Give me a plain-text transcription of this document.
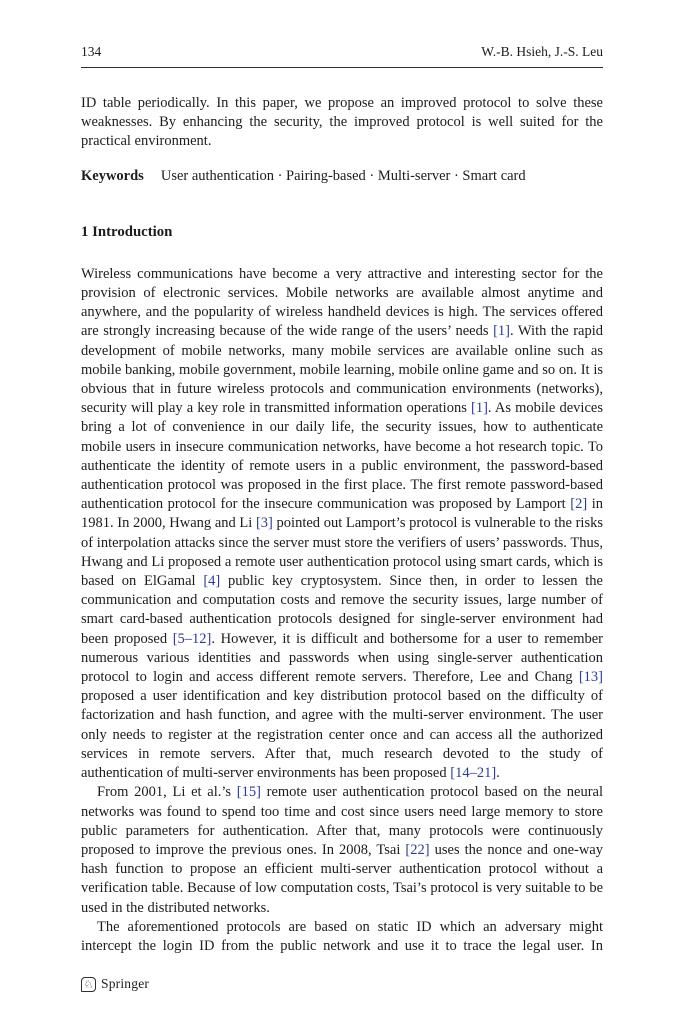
134	W.-B. Hsieh, J.-S. Leu

ID table periodically. In this paper, we propose an improved protocol to solve these weaknesses. By enhancing the security, the improved protocol is well suited for the practical environment.

Keywords User authentication · Pairing-based · Multi-server · Smart card

1 Introduction

Wireless communications have become a very attractive and interesting sector for the provision of electronic services. Mobile networks are available almost anytime and anywhere, and the popularity of wireless handheld devices is high. The services offered are strongly increasing because of the wide range of the users’ needs [1]. With the rapid development of mobile networks, many mobile services are available online such as mobile banking, mobile government, mobile learning, mobile online game and so on. It is obvious that in future wireless protocols and communication environments (networks), security will play a key role in transmitted information operations [1]. As mobile devices bring a lot of convenience in our daily life, the security issues, how to authenticate mobile users in insecure communication networks, have become a hot research topic. To authenticate the identity of remote users in a public environment, the password-based authentication protocol was proposed in the first place. The first remote password-based authentication protocol for the insecure communication was proposed by Lamport [2] in 1981. In 2000, Hwang and Li [3] pointed out Lamport’s protocol is vulnerable to the risks of interpolation attacks since the server must store the verifiers of users’ passwords. Thus, Hwang and Li proposed a remote user authentication protocol using smart cards, which is based on ElGamal [4] public key cryptosystem. Since then, in order to lessen the communication and computation costs and remove the security issues, large number of smart card-based authentication protocols designed for single-server environment had been proposed [5–12]. However, it is difficult and bothersome for a user to remember numerous various identities and passwords when using single-server authentication protocol to login and access different remote servers. Therefore, Lee and Chang [13] proposed a user identification and key distribution protocol based on the difficulty of factorization and hash function, and agree with the multi-server environment. The user only needs to register at the registration center once and can access all the authorized services in remote servers. After that, much research devoted to the study of authentication of multi-server environments has been proposed [14–21].

From 2001, Li et al.’s [15] remote user authentication protocol based on the neural networks was found to spend too time and cost since users need large memory to store public parameters for authentication. After that, many protocols were continuously proposed to improve the previous ones. In 2008, Tsai [22] uses the nonce and one-way hash function to propose an efficient multi-server authentication protocol without a verification table. Because of low computation costs, Tsai’s protocol is very suitable to be used in the distributed networks.

The aforementioned protocols are based on static ID which an adversary might intercept the login ID from the public network and use it to trace the legal user. In

♘ Springer
